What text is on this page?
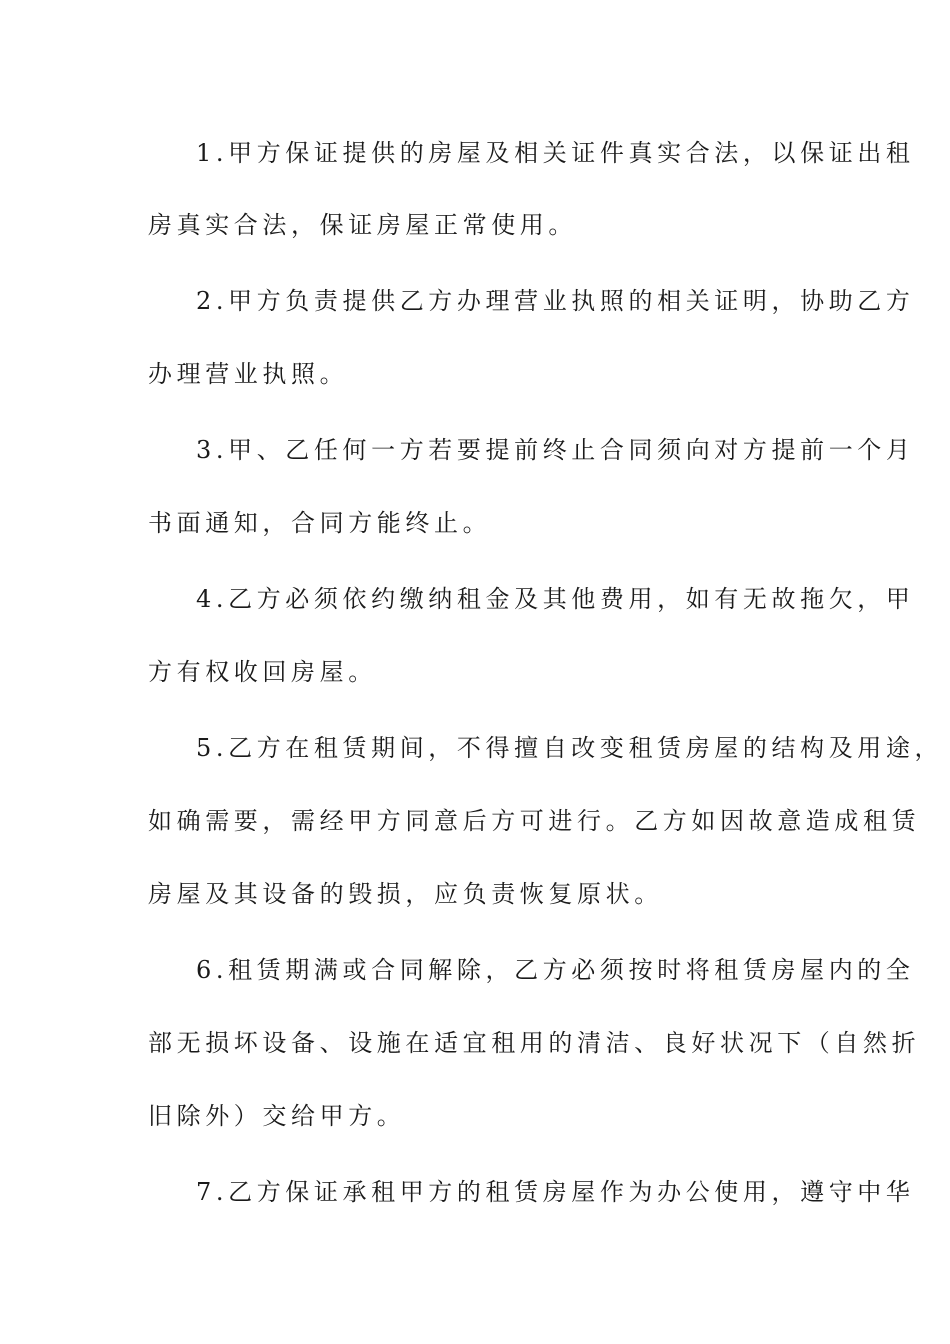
1.甲方保证提供的房屋及相关证件真实合法，以保证出租
房真实合法，保证房屋正常使用。
2.甲方负责提供乙方办理营业执照的相关证明，协助乙方
办理营业执照。
3.甲、乙任何一方若要提前终止合同须向对方提前一个月
书面通知，合同方能终止。
4.乙方必须依约缴纳租金及其他费用，如有无故拖欠，甲
方有权收回房屋。
5.乙方在租赁期间，不得擅自改变租赁房屋的结构及用途，
如确需要，需经甲方同意后方可进行。乙方如因故意造成租赁
房屋及其设备的毁损，应负责恢复原状。
6.租赁期满或合同解除，乙方必须按时将租赁房屋内的全
部无损坏设备、设施在适宜租用的清洁、良好状况下（自然折
旧除外）交给甲方。
7.乙方保证承租甲方的租赁房屋作为办公使用，遵守中华
